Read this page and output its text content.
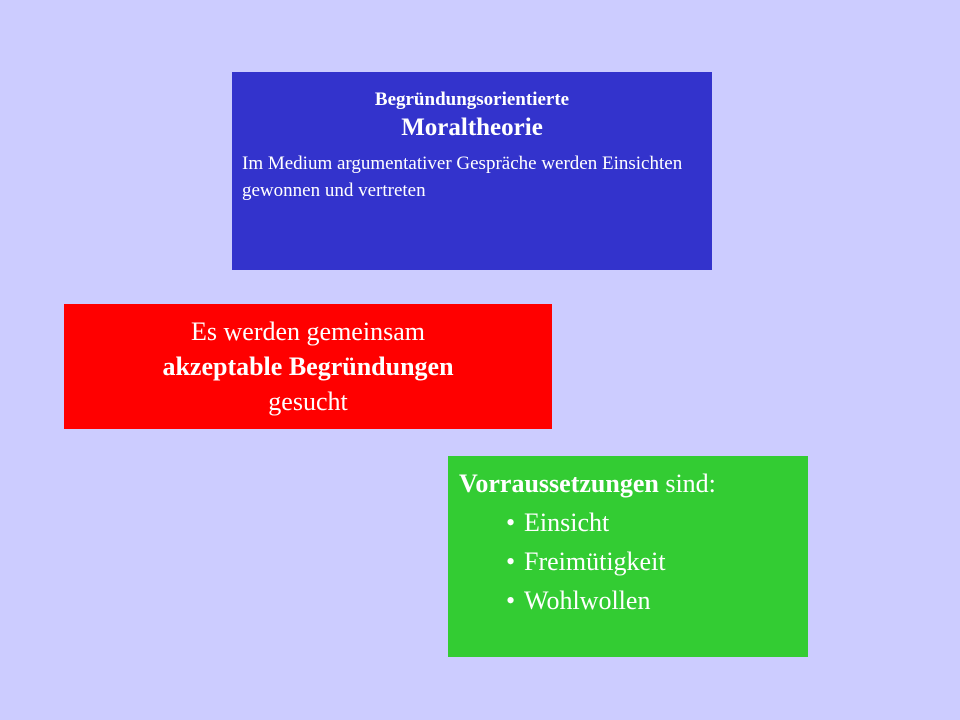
Begründungsorientierte
Moraltheorie
Im Medium argumentativer Gespräche werden Einsichten gewonnen und vertreten
Es werden gemeinsam
akzeptable Begründungen
gesucht
Vorraussetzungen sind:
• Einsicht
• Freimütigkeit
• Wohlwollen
